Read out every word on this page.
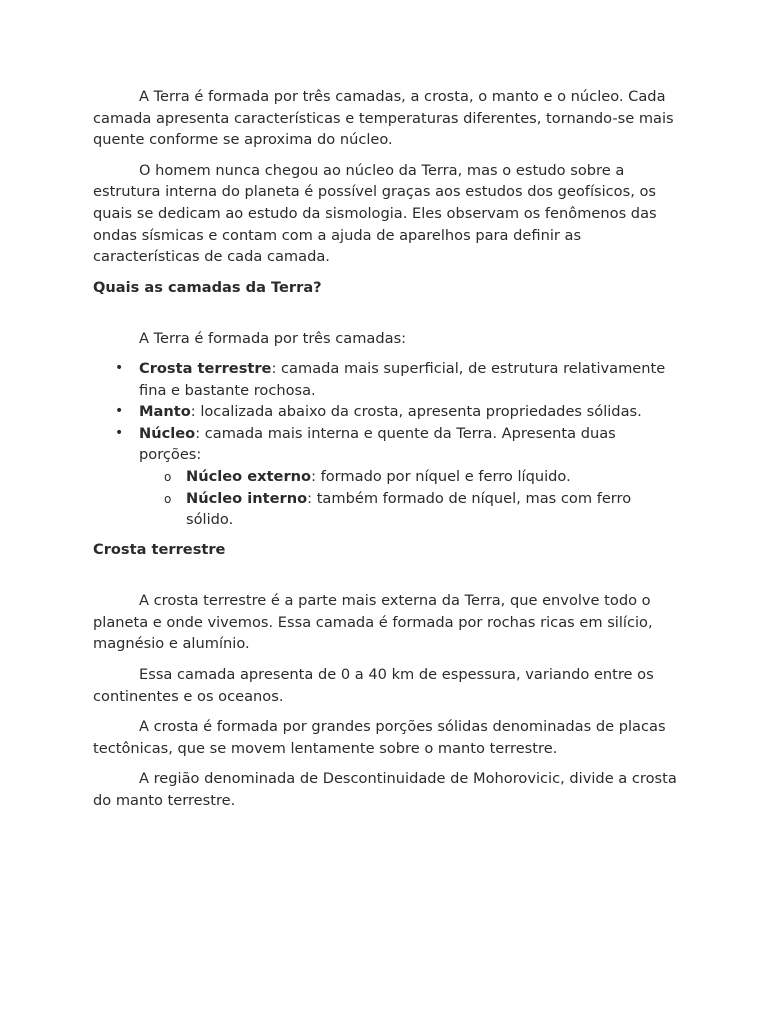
A Terra é formada por três camadas, a crosta, o manto e o núcleo. Cada camada apresenta características e temperaturas diferentes, tornando-se mais quente conforme se aproxima do núcleo.

O homem nunca chegou ao núcleo da Terra, mas o estudo sobre a estrutura interna do planeta é possível graças aos estudos dos geofísicos, os quais se dedicam ao estudo da sismologia. Eles observam os fenômenos das ondas sísmicas e contam com a ajuda de aparelhos para definir as características de cada camada.

Quais as camadas da Terra?

A Terra é formada por três camadas:

• Crosta terrestre: camada mais superficial, de estrutura relativamente fina e bastante rochosa.
• Manto: localizada abaixo da crosta, apresenta propriedades sólidas.
• Núcleo: camada mais interna e quente da Terra. Apresenta duas porções:
o Núcleo externo: formado por níquel e ferro líquido.
o Núcleo interno: também formado de níquel, mas com ferro sólido.
Crosta terrestre

A crosta terrestre é a parte mais externa da Terra, que envolve todo o planeta e onde vivemos. Essa camada é formada por rochas ricas em silício, magnésio e alumínio.

Essa camada apresenta de 0 a 40 km de espessura, variando entre os continentes e os oceanos.

A crosta é formada por grandes porções sólidas denominadas de placas tectônicas, que se movem lentamente sobre o manto terrestre.

A região denominada de Descontinuidade de Mohorovicic, divide a crosta do manto terrestre.
